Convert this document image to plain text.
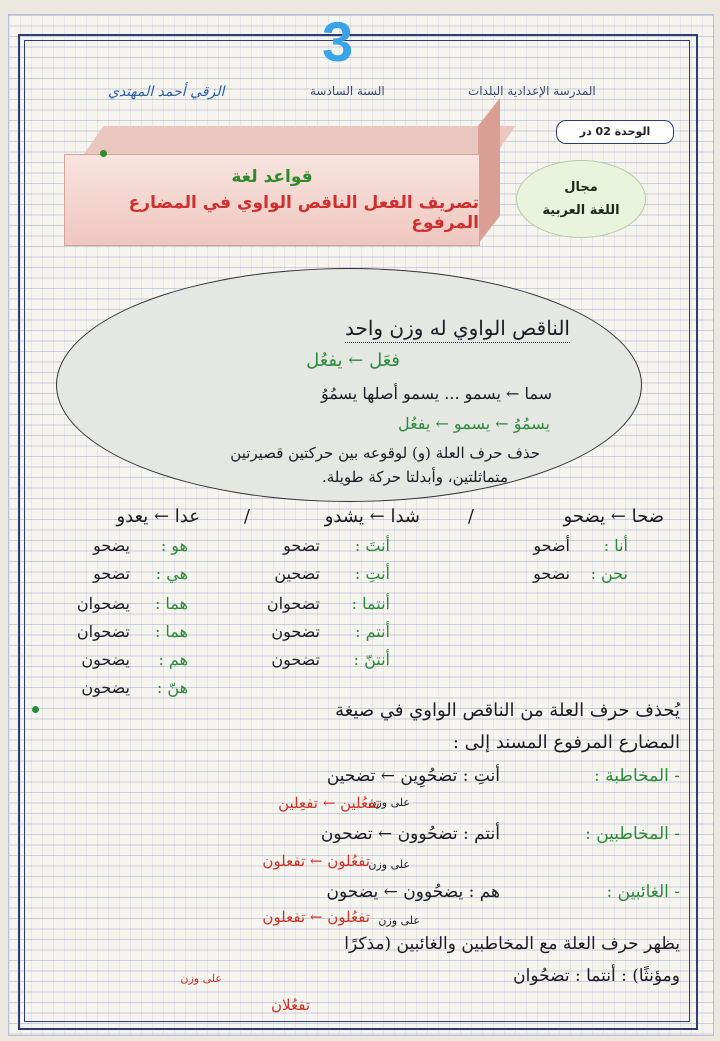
3
المدرسة الإعدادية البلدات
السنة السادسة
الزقي أحمد المهتدي
الوحدة 02 در
قواعد لغة
تصريف الفعل الناقص الواوي في المضارع المرفوع
مجال
اللغة العربية
الناقص الواوي له وزن واحد
فعَل ← يفعُل
سما ← يسمو ... يسمو أصلها يسمُوُ
يسمُوُ ← يسمو ← يفعُل
حذف حرف العلة (و) لوقوعه بين حركتين قصيرتين
متماثلتين، وأبدلتا حركة طويلة.
ضحا ← يضحو
/
شدا ← يشدو
/
عدا ← يعدو
أنا :
أضحو
نحن :
نضحو
أنتَ :
تضحو
أنتِ :
تضحين
أنتما :
تضحوان
أنتم :
تضحون
أنتنّ :
تضحون
هو :
يضحو
هي :
تضحو
هما :
يضحوان
هما :
تضحوان
هم :
يضحون
هنّ :
يضحون
يُحذف حرف العلة من الناقص الواوي في صيغة
المضارع المرفوع المسند إلى :
- المخاطبة :
أنتِ : تضحُوِين ← تضحين
على وزن
تفعُلين ← تفعِلين
- المخاطبين :
أنتم : تضحُوون ← تضحون
على وزن
تفعُلون ← تفعلون
- الغائبين :
هم : يضحُوون ← يضحون
على وزن
تفعُلون ← تفعلون
يظهر حرف العلة مع المخاطبين والغائبين (مذكرًا
ومؤنثًا) : أنتما : تضحُوان
على وزن
تفعُلان
